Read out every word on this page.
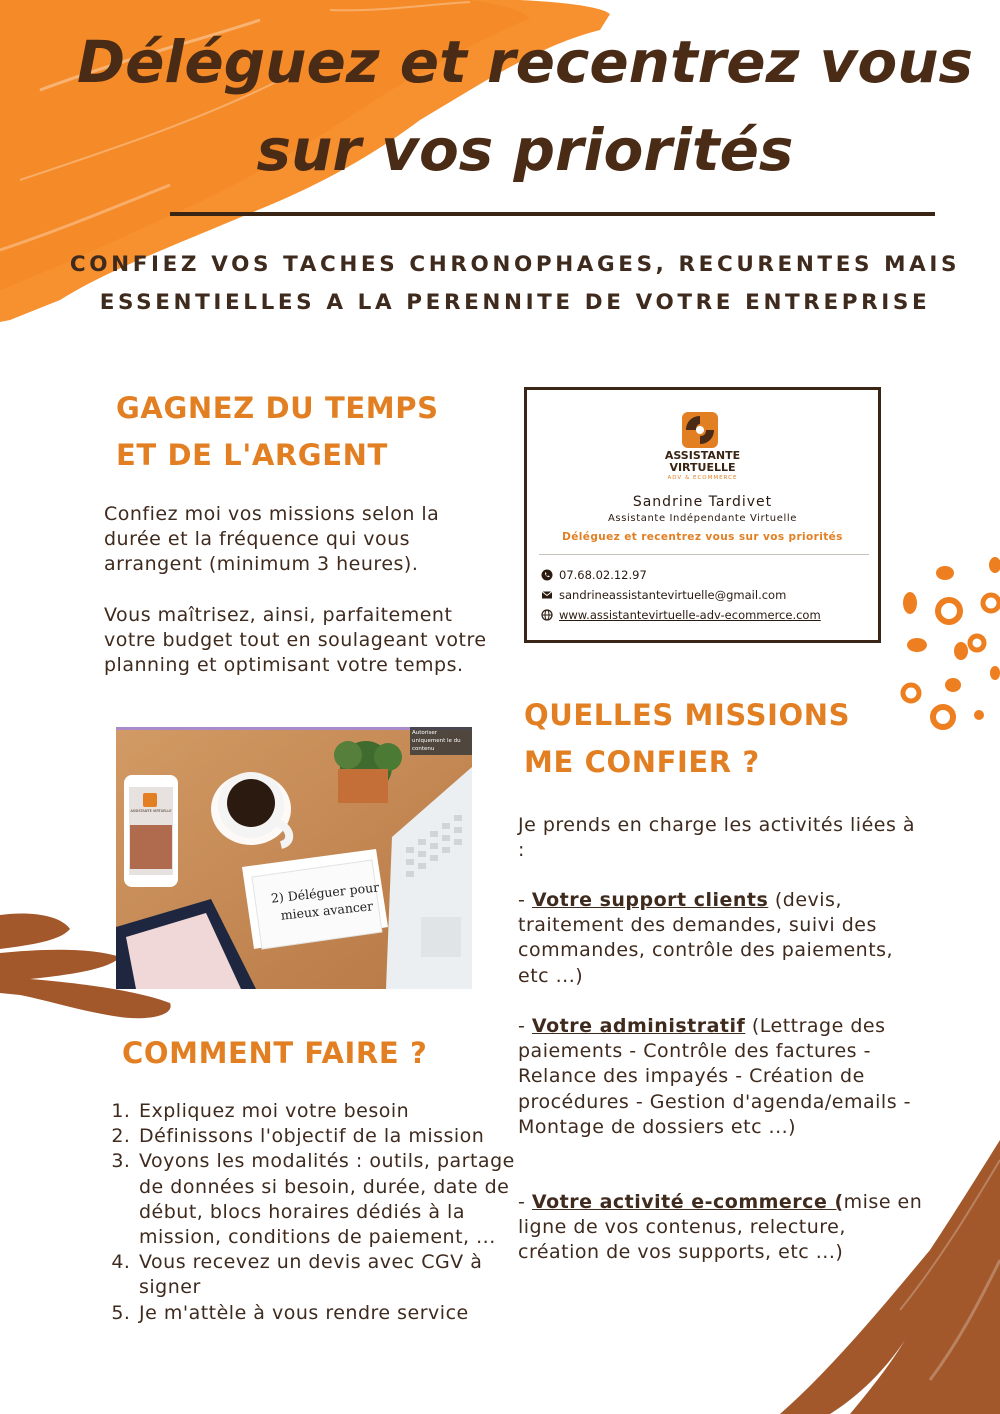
Déléguez et recentrez vous sur vos priorités
CONFIEZ VOS TACHES CHRONOPHAGES, RECURENTES MAIS ESSENTIELLES A LA PERENNITE DE VOTRE ENTREPRISE
GAGNEZ DU TEMPS ET DE L'ARGENT

Confiez moi vos missions selon la durée et la fréquence qui vous arrangent (minimum 3 heures).

Vous maîtrisez, ainsi, parfaitement votre budget tout en soulageant votre planning et optimisant votre temps.

ASSISTANTE
VIRTUELLE
ADV & ECOMMERCE
Sandrine Tardivet
Assistante Indépendante Virtuelle
Déléguez et recentrez vous sur vos priorités
07.68.02.12.97
sandrineassistantevirtuelle@gmail.com
www.assistantevirtuelle-adv-ecommerce.com
2) Déléguer pour mieux avancer
Autoriser uniquement le du contenu
ASSISTANTE VIRTUELLE
QUELLES MISSIONS ME CONFIER ?

Je prends en charge les activités liées à :

- Votre support clients (devis, traitement des demandes, suivi des commandes, contrôle des paiements, etc ...)

- Votre administratif (Lettrage des paiements - Contrôle des factures - Relance des impayés - Création de procédures - Gestion d'agenda/emails - Montage de dossiers etc ...)

- Votre activité e-commerce (mise en ligne de vos contenus, relecture, création de vos supports, etc ...)

COMMENT FAIRE ?
1. Expliquez moi votre besoin
2. Définissons l'objectif de la mission
3. Voyons les modalités : outils, partage de données si besoin, durée, date de début, blocs horaires dédiés à la mission, conditions de paiement, ...
4. Vous recevez un devis avec CGV à signer
5. Je m'attèle à vous rendre service
